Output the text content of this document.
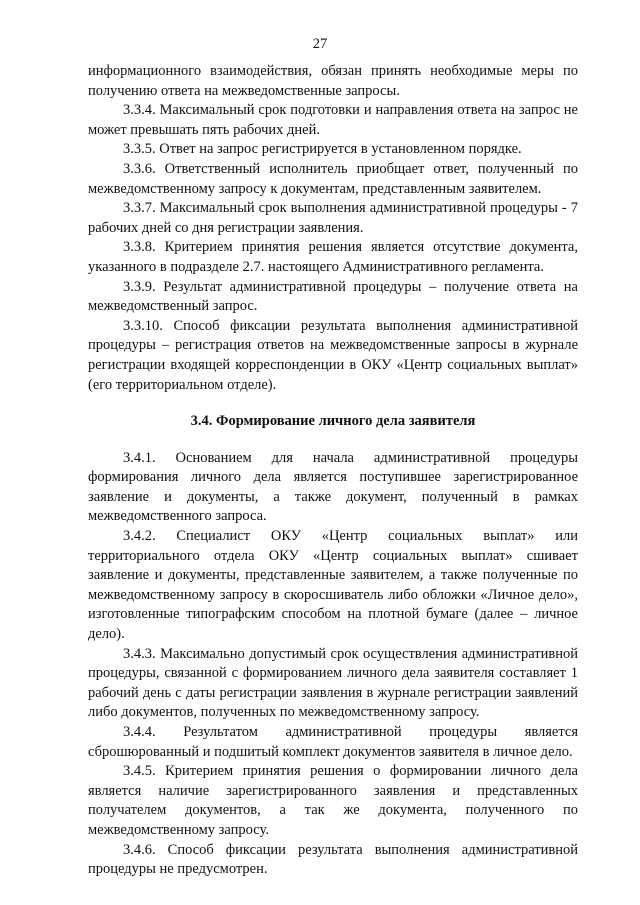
27

информационного взаимодействия, обязан принять необходимые меры по получению ответа на межведомственные запросы.

3.3.4. Максимальный срок подготовки и направления ответа на запрос не может превышать пять рабочих дней.

3.3.5. Ответ на запрос регистрируется в установленном порядке.

3.3.6. Ответственный исполнитель приобщает ответ, полученный по межведомственному запросу к документам, представленным заявителем.

3.3.7. Максимальный срок выполнения административной процедуры - 7 рабочих дней со дня регистрации заявления.

3.3.8. Критерием принятия решения является отсутствие документа, указанного в подразделе 2.7. настоящего Административного регламента.

3.3.9. Результат административной процедуры – получение ответа на межведомственный запрос.

3.3.10. Способ фиксации результата выполнения административной процедуры – регистрация ответов на межведомственные запросы в журнале регистрации входящей корреспонденции в ОКУ «Центр социальных выплат» (его территориальном отделе).

3.4. Формирование личного дела заявителя

3.4.1. Основанием для начала административной процедуры формирования личного дела является поступившее зарегистрированное заявление и документы, а также документ, полученный в рамках межведомственного запроса.

3.4.2. Специалист ОКУ «Центр социальных выплат» или территориального отдела ОКУ «Центр социальных выплат» сшивает заявление и документы, представленные заявителем, а также полученные по межведомственному запросу в скоросшиватель либо обложки «Личное дело», изготовленные типографским способом на плотной бумаге (далее – личное дело).

3.4.3. Максимально допустимый срок осуществления административной процедуры, связанной с формированием личного дела заявителя составляет 1 рабочий день с даты регистрации заявления в журнале регистрации заявлений либо документов, полученных по межведомственному запросу.

3.4.4. Результатом административной процедуры является сброшюрованный и подшитый комплект документов заявителя в личное дело.

3.4.5. Критерием принятия решения о формировании личного дела является наличие зарегистрированного заявления и представленных получателем документов, а так же документа, полученного по межведомственному запросу.

3.4.6. Способ фиксации результата выполнения административной процедуры не предусмотрен.
